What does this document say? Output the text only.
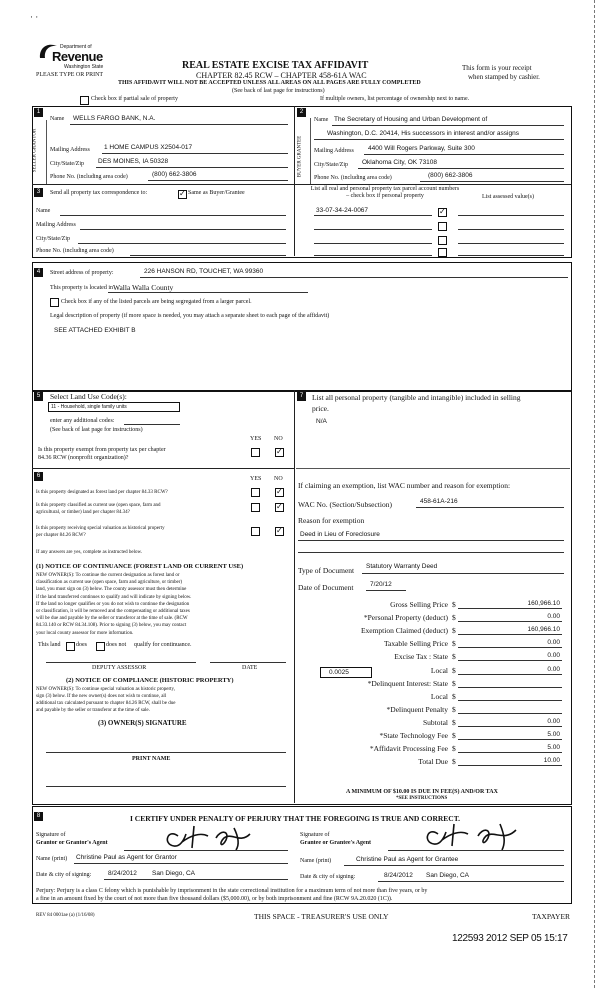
· ·
Department of
Revenue
Washington State
PLEASE TYPE OR PRINT
REAL ESTATE EXCISE TAX AFFIDAVIT
CHAPTER 82.45 RCW – CHAPTER 458-61A WAC
THIS AFFIDAVIT WILL NOT BE ACCEPTED UNLESS ALL AREAS ON ALL PAGES ARE FULLY COMPLETED
(See back of last page for instructions)
This form is your receipt
when stamped by cashier.
Check box if partial sale of property	If multiple owners, list percentage of ownership next to name.
1
SELLER GRANTOR
Name WELLS FARGO BANK, N.A.
Mailing Address 1 HOME CAMPUS X2504-017
City/State/Zip DES MOINES, IA 50328
Phone No. (including area code)	(800) 662-3806
2
BUYER GRANTEE
Name The Secretary of Housing and Urban Development of
Washington, D.C. 20414, His successors in interest and/or assigns
Mailing Address 4400 Will Rogers Parkway, Suite 300
City/State/Zip Oklahoma City, OK 73108
Phone No. (including area code)	(800) 662-3806
3	Send all property tax correspondence to:
✓	Same as Buyer/Grantee
Name
Mailing Address
City/State/Zip
Phone No. (including area code)
List all real and personal property tax parcel account numbers – check box if personal property	List assessed value(s)
33-07-34-24-0067
✓
4	Street address of property:	226 HANSON RD, TOUCHET, WA 99360
This property is located in Walla Walla County
Check box if any of the listed parcels are being segregated from a larger parcel.
Legal description of property (if more space is needed, you may attach a separate sheet to each page of the affidavit)
SEE ATTACHED EXHIBIT B
5	Select Land Use Code(s):
11 - Household, single family units
enter any additional codes:
(See back of last page for instructions)
YES NO
Is this property exempt from property tax per chapter
84.36 RCW (nonprofit organization)?
✓
6	YES NO
Is this property designated as forest land per chapter 84.33 RCW?
✓
Is this property classified as current use (open space, farm and
agricultural, or timber) land per chapter 84.34?
✓
Is this property receiving special valuation as historical property
per chapter 84.26 RCW?
✓
If any answers are yes, complete as instructed below.
(1) NOTICE OF CONTINUANCE (FOREST LAND OR CURRENT USE)
NEW OWNER(S): To continue the current designation as forest land or
classification as current use (open space, farm and agriculture, or timber)
land, you must sign on (3) below. The county assessor must then determine
if the land transferred continues to qualify and will indicate by signing below.
If the land no longer qualifies or you do not wish to continue the designation
or classification, it will be removed and the compensating or additional taxes
will be due and payable by the seller or transferor at the time of sale. (RCW
84.33.140 or RCW 84.34.108). Prior to signing (3) below, you may contact
your local county assessor for more information.
This land	does	does not qualify for continuance.
DEPUTY ASSESSOR	DATE
(2) NOTICE OF COMPLIANCE (HISTORIC PROPERTY)
NEW OWNER(S): To continue special valuation as historic property,
sign (3) below. If the new owner(s) does not wish to continue, all
additional tax calculated pursuant to chapter 84.26 RCW, shall be due
and payable by the seller or transferor at the time of sale.
(3) OWNER(S) SIGNATURE
PRINT NAME
7	List all personal property (tangible and intangible) included in selling
price.
N/A
If claiming an exemption, list WAC number and reason for exemption:
WAC No. (Section/Subsection)	458-61A-216
Reason for exemption
Deed in Lieu of Foreclosure
Type of Document Statutory Warranty Deed
Date of Document	7/20/12
Gross Selling Price $	160,966.10
*Personal Property (deduct) $	0.00
Exemption Claimed (deduct) $	160,966.10
Taxable Selling Price $	0.00
Excise Tax : State $	0.00
Local $	0.00
*Delinquent Interest: State $
Local $
*Delinquent Penalty $
Subtotal $	0.00
*State Technology Fee $	5.00
*Affidavit Processing Fee $	5.00
Total Due $	10.00
0.0025
A MINIMUM OF $10.00 IS DUE IN FEE(S) AND/OR TAX
*SEE INSTRUCTIONS
8	I CERTIFY UNDER PENALTY OF PERJURY THAT THE FOREGOING IS TRUE AND CORRECT.
Signature of
Grantor or Grantor's Agent
Name (print) Christine Paul as Agent for Grantor
Date & city of signing:	8/24/2012 San Diego, CA
Signature of
Grantee or Grantee's Agent
Name (print)	Christine Paul as Agent for Grantee
Date & city of signing:	8/24/2012 San Diego, CA
Perjury: Perjury is a class C felony which is punishable by imprisonment in the state correctional institution for a maximum term of not more than five years, or by
a fine in an amount fixed by the court of not more than five thousand dollars ($5,000.00), or by both imprisonment and fine (RCW 9A.20.020 (1C)).
REV 84 0001ae (a) (1/16/08)	THIS SPACE - TREASURER'S USE ONLY	TAXPAYER
122593 2012 SEP 05 15:17
